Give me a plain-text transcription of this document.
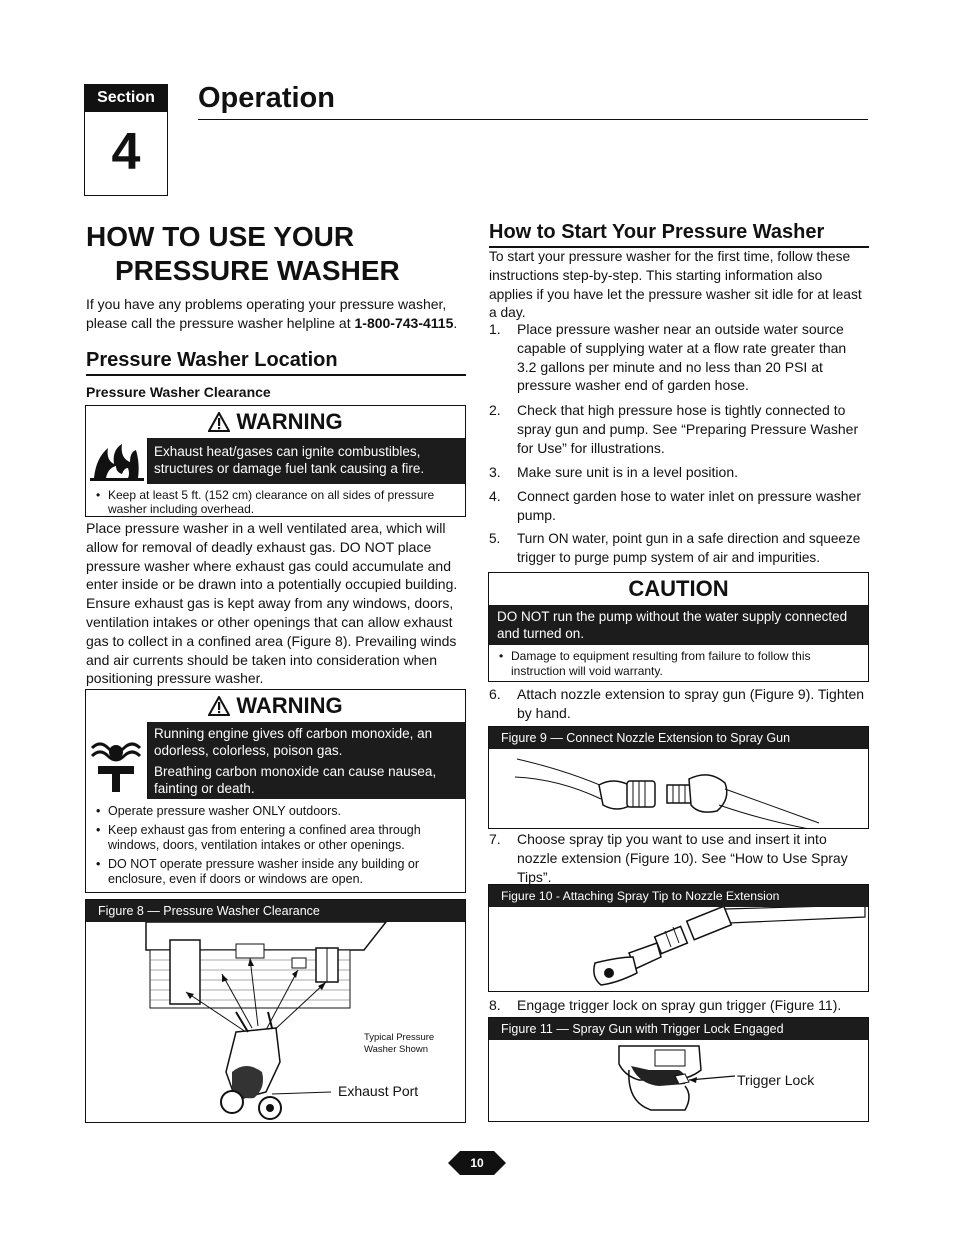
Section
4
Operation
HOW TO USE YOUR
PRESSURE WASHER
If you have any problems operating your pressure washer, please call the pressure washer helpline at 1-800-743-4115.
Pressure Washer Location
Pressure Washer Clearance
WARNING
Exhaust heat/gases can ignite combustibles, structures or damage fuel tank causing a fire.
• Keep at least 5 ft. (152 cm) clearance on all sides of pressure washer including overhead.
Place pressure washer in a well ventilated area, which will allow for removal of deadly exhaust gas. DO NOT place pressure washer where exhaust gas could accumulate and enter inside or be drawn into a potentially occupied building. Ensure exhaust gas is kept away from any windows, doors, ventilation intakes or other openings that can allow exhaust gas to collect in a confined area (Figure 8). Prevailing winds and air currents should be taken into consideration when positioning pressure washer.
WARNING
Running engine gives off carbon monoxide, an odorless, colorless, poison gas.
Breathing carbon monoxide can cause nausea, fainting or death.
• Operate pressure washer ONLY outdoors.
• Keep exhaust gas from entering a confined area through windows, doors, ventilation intakes or other openings.
• DO NOT operate pressure washer inside any building or enclosure, even if doors or windows are open.
Figure 8 — Pressure Washer Clearance
Typical Pressure
Washer Shown
Exhaust Port
How to Start Your Pressure Washer
To start your pressure washer for the first time, follow these instructions step-by-step. This starting information also applies if you have let the pressure washer sit idle for at least a day.
1. Place pressure washer near an outside water source capable of supplying water at a flow rate greater than 3.2 gallons per minute and no less than 20 PSI at pressure washer end of garden hose.
2. Check that high pressure hose is tightly connected to spray gun and pump. See “Preparing Pressure Washer for Use” for illustrations.
3. Make sure unit is in a level position.
4. Connect garden hose to water inlet on pressure washer pump.
5. Turn ON water, point gun in a safe direction and squeeze trigger to purge pump system of air and impurities.
CAUTION
DO NOT run the pump without the water supply connected and turned on.
• Damage to equipment resulting from failure to follow this instruction will void warranty.
6. Attach nozzle extension to spray gun (Figure 9). Tighten by hand.
Figure 9 — Connect Nozzle Extension to Spray Gun
7. Choose spray tip you want to use and insert it into nozzle extension (Figure 10). See “How to Use Spray Tips”.
Figure 10 - Attaching Spray Tip to Nozzle Extension
8. Engage trigger lock on spray gun trigger (Figure 11).
Figure 11 — Spray Gun with Trigger Lock Engaged
Trigger Lock
10
